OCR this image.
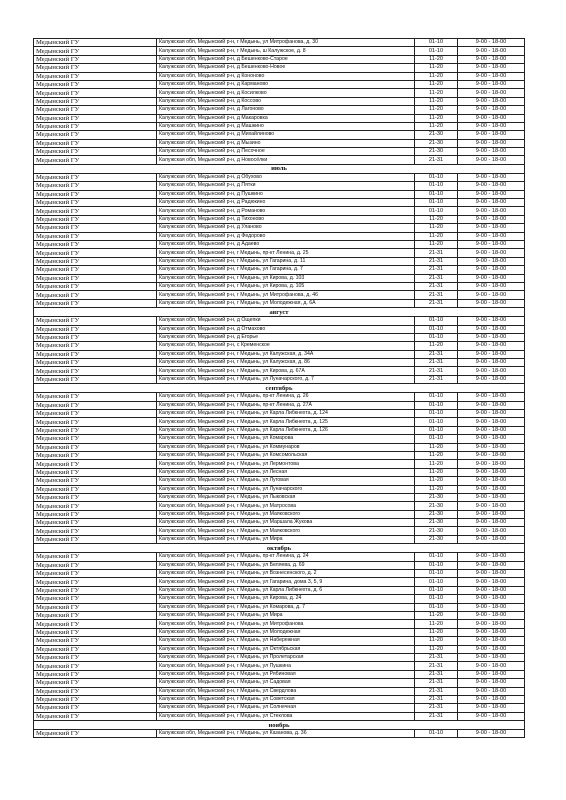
Медынский ГУ	Калужская обл, Медынский р-н, г Медынь, ул Митрофанова, д. 30	01-10	9-00 - 18-00
Медынский ГУ	Калужская обл, Медынский р-н, г Медынь, ш Калужское, д. 8	01-10	9-00 - 18-00
Медынский ГУ	Калужская обл, Медынский р-н, д Бешенково-Старое	11-20	9-00 - 18-00
Медынский ГУ	Калужская обл, Медынский р-н, д Бешенково-Новое	11-20	9-00 - 18-00
Медынский ГУ	Калужская обл, Медынский р-н, д Кононово	11-20	9-00 - 18-00
Медынский ГУ	Калужская обл, Медынский р-н, д Карманово	11-20	9-00 - 18-00
Медынский ГУ	Калужская обл, Медынский р-н, д Косилково	11-20	9-00 - 18-00
Медынский ГУ	Калужская обл, Медынский р-н, д Коссово	11-20	9-00 - 18-00
Медынский ГУ	Калужская обл, Медынский р-н, д Лагоново	11-20	9-00 - 18-00
Медынский ГУ	Калужская обл, Медынский р-н, д Макаровка	11-20	9-00 - 18-00
Медынский ГУ	Калужская обл, Медынский р-н, д Машкино	11-20	9-00 - 18-00
Медынский ГУ	Калужская обл, Медынский р-н, д Михайлиново	21-30	9-00 - 18-00
Медынский ГУ	Калужская обл, Медынский р-н, д Мызино	21-30	9-00 - 18-00
Медынский ГУ	Калужская обл, Медынский р-н, д Песочное	21-30	9-00 - 18-00
Медынский ГУ	Калужская обл, Медынский р-н, д Новосёлки	21-31	9-00 - 18-00
июль			
Медынский ГУ	Калужская обл, Медынский р-н, д Обухово	01-10	9-00 - 18-00
Медынский ГУ	Калужская обл, Медынский р-н, д Пятки	01-10	9-00 - 18-00
Медынский ГУ	Калужская обл, Медынский р-н, д Пушкино	01-10	9-00 - 18-00
Медынский ГУ	Калужская обл, Медынский р-н, д Радюкино	01-10	9-00 - 18-00
Медынский ГУ	Калужская обл, Медынский р-н, д Романово	01-10	9-00 - 18-00
Медынский ГУ	Калужская обл, Медынский р-н, д Тихоново	11-20	9-00 - 18-00
Медынский ГУ	Калужская обл, Медынский р-н, д Уланово	11-20	9-00 - 18-00
Медынский ГУ	Калужская обл, Медынский р-н, д Федорово	11-20	9-00 - 18-00
Медынский ГУ	Калужская обл, Медынский р-н, д Адаево	11-20	9-00 - 18-00
Медынский ГУ	Калужская обл, Медынский р-н, г Медынь, пр-кт Ленина, д. 25	21-31	9-00 - 18-00
Медынский ГУ	Калужская обл, Медынский р-н, г Медынь, ул Гагарина, д. 11	21-31	9-00 - 18-00
Медынский ГУ	Калужская обл, Медынский р-н, г Медынь, ул Гагарина, д. 7	21-31	9-00 - 18-00
Медынский ГУ	Калужская обл, Медынский р-н, г Медынь, ул Кирова, д. 103	21-31	9-00 - 18-00
Медынский ГУ	Калужская обл, Медынский р-н, г Медынь, ул Кирова, д. 105	21-31	9-00 - 18-00
Медынский ГУ	Калужская обл, Медынский р-н, г Медынь, ул Митрофанова, д. 46	21-31	9-00 - 18-00
Медынский ГУ	Калужская обл, Медынский р-н, г Медынь, ул Молодежная, д. 6А	21-31	9-00 - 18-00
август			
Медынский ГУ	Калужская обл, Медынский р-н, д Ощепки	01-10	9-00 - 18-00
Медынский ГУ	Калужская обл, Медынский р-н, д Отмахово	01-10	9-00 - 18-00
Медынский ГУ	Калужская обл, Медынский р-н, д Егорье	01-10	9-00 - 18-00
Медынский ГУ	Калужская обл, Медынский р-н, с Кременское	11-20	9-00 - 18-00
Медынский ГУ	Калужская обл, Медынский р-н, г Медынь, ул Калужская, д. 34А	21-31	9-00 - 18-00
Медынский ГУ	Калужская обл, Медынский р-н, г Медынь, ул Калужская, д. 86	21-31	9-00 - 18-00
Медынский ГУ	Калужская обл, Медынский р-н, г Медынь, ул Кирова, д. 67А	21-31	9-00 - 18-00
Медынский ГУ	Калужская обл, Медынский р-н, г Медынь, ул Луначарского, д. 7	21-31	9-00 - 18-00
сентябрь			
Медынский ГУ	Калужская обл, Медынский р-н, г Медынь, пр-кт Ленина, д. 26	01-10	9-00 - 18-00
Медынский ГУ	Калужская обл, Медынский р-н, г Медынь, пр-кт Ленина, д. 27А	01-10	9-00 - 18-00
Медынский ГУ	Калужская обл, Медынский р-н, г Медынь, ул Карла Либкнехта, д. 124	01-10	9-00 - 18-00
Медынский ГУ	Калужская обл, Медынский р-н, г Медынь, ул Карла Либкнехта, д. 125	01-10	9-00 - 18-00
Медынский ГУ	Калужская обл, Медынский р-н, г Медынь, ул Карла Либкнехта, д. 126	01-10	9-00 - 18-00
Медынский ГУ	Калужская обл, Медынский р-н, г Медынь, ул Комарова	01-10	9-00 - 18-00
Медынский ГУ	Калужская обл, Медынский р-н, г Медынь, ул Коммунаров	11-20	9-00 - 18-00
Медынский ГУ	Калужская обл, Медынский р-н, г Медынь, ул Комсомольская	11-20	9-00 - 18-00
Медынский ГУ	Калужская обл, Медынский р-н, г Медынь, ул Лермонтова	11-20	9-00 - 18-00
Медынский ГУ	Калужская обл, Медынский р-н, г Медынь, ул Лесная	11-20	9-00 - 18-00
Медынский ГУ	Калужская обл, Медынский р-н, г Медынь, ул Луговая	11-20	9-00 - 18-00
Медынский ГУ	Калужская обл, Медынский р-н, г Медынь, ул Луначарского	11-20	9-00 - 18-00
Медынский ГУ	Калужская обл, Медынский р-н, г Медынь, ул Лыковская	21-30	9-00 - 18-00
Медынский ГУ	Калужская обл, Медынский р-н, г Медынь, ул Матросова	21-30	9-00 - 18-00
Медынский ГУ	Калужская обл, Медынский р-н, г Медынь, ул Маяковского	21-30	9-00 - 18-00
Медынский ГУ	Калужская обл, Медынский р-н, г Медынь, ул Маршала Жукова	21-30	9-00 - 18-00
Медынский ГУ	Калужская обл, Медынский р-н, г Медынь, ул Маяковского	21-30	9-00 - 18-00
Медынский ГУ	Калужская обл, Медынский р-н, г Медынь, ул Мира	21-30	9-00 - 18-00
октябрь			
Медынский ГУ	Калужская обл, Медынский р-н, г Медынь, пр-кт Ленина, д. 24	01-10	9-00 - 18-00
Медынский ГУ	Калужская обл, Медынский р-н, г Медынь, ул Беляева, д. 69	01-10	9-00 - 18-00
Медынский ГУ	Калужская обл, Медынский р-н, г Медынь, ул Вознесенского, д. 2	01-10	9-00 - 18-00
Медынский ГУ	Калужская обл, Медынский р-н, г Медынь, ул Гагарина, дома 3, 5, 9	01-10	9-00 - 18-00
Медынский ГУ	Калужская обл, Медынский р-н, г Медынь, ул Карла Либкнехта, д. 6	01-10	9-00 - 18-00
Медынский ГУ	Калужская обл, Медынский р-н, г Медынь, ул Кирова, д. 24	01-10	9-00 - 18-00
Медынский ГУ	Калужская обл, Медынский р-н, г Медынь, ул Комарова, д. 7	01-10	9-00 - 18-00
Медынский ГУ	Калужская обл, Медынский р-н, г Медынь, ул Мира	11-20	9-00 - 18-00
Медынский ГУ	Калужская обл, Медынский р-н, г Медынь, ул Митрофанова	11-20	9-00 - 18-00
Медынский ГУ	Калужская обл, Медынский р-н, г Медынь, ул Молодежная	11-20	9-00 - 18-00
Медынский ГУ	Калужская обл, Медынский р-н, г Медынь, ул Набережная	11-20	9-00 - 18-00
Медынский ГУ	Калужская обл, Медынский р-н, г Медынь, ул Октябрьская	11-20	9-00 - 18-00
Медынский ГУ	Калужская обл, Медынский р-н, г Медынь, ул Пролетарская	21-31	9-00 - 18-00
Медынский ГУ	Калужская обл, Медынский р-н, г Медынь, ул Пушкина	21-31	9-00 - 18-00
Медынский ГУ	Калужская обл, Медынский р-н, г Медынь, ул Рябиновая	21-31	9-00 - 18-00
Медынский ГУ	Калужская обл, Медынский р-н, г Медынь, ул Садовая	21-31	9-00 - 18-00
Медынский ГУ	Калужская обл, Медынский р-н, г Медынь, ул Свердлова	21-31	9-00 - 18-00
Медынский ГУ	Калужская обл, Медынский р-н, г Медынь, ул Советская	21-31	9-00 - 18-00
Медынский ГУ	Калужская обл, Медынский р-н, г Медынь, ул Солнечная	21-31	9-00 - 18-00
Медынский ГУ	Калужская обл, Медынский р-н, г Медынь, ул Стеклова	21-31	9-00 - 18-00
ноябрь			
Медынский ГУ	Калужская обл, Медынский р-н, г Медынь, ул Казанова, д. 36	01-10	9-00 - 18-00
